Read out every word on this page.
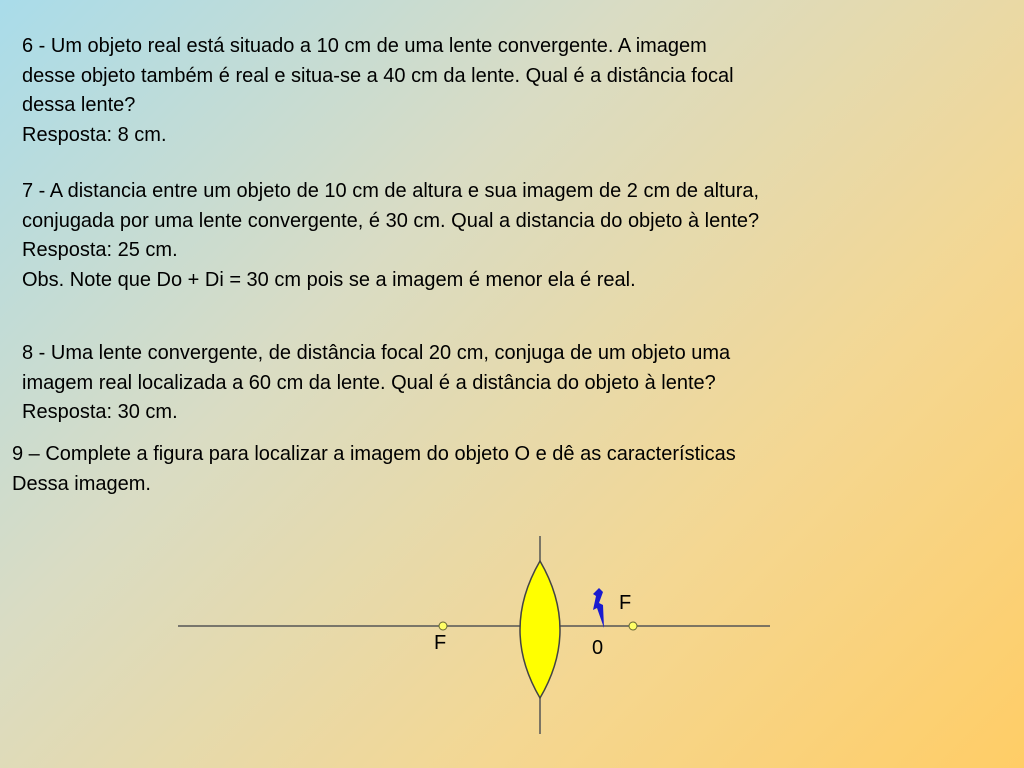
6 - Um objeto real está situado a 10 cm de uma lente convergente. A imagem
desse objeto também é real e situa-se a 40 cm da lente. Qual é a distância focal
dessa lente?
Resposta: 8 cm.
7 - A distancia entre um objeto de 10 cm de altura e sua imagem de 2 cm de altura,
conjugada por uma lente convergente, é 30 cm. Qual a distancia do objeto à lente?
Resposta: 25 cm.
Obs. Note que Do + Di = 30 cm pois se a imagem é menor ela é real.
8 - Uma lente convergente, de distância focal 20 cm, conjuga de um objeto uma
imagem real localizada a 60 cm da lente. Qual é a distância do objeto à lente?
Resposta: 30 cm.
9 – Complete a figura para localizar a imagem do objeto O e dê as características
Dessa imagem.
F
F	0
